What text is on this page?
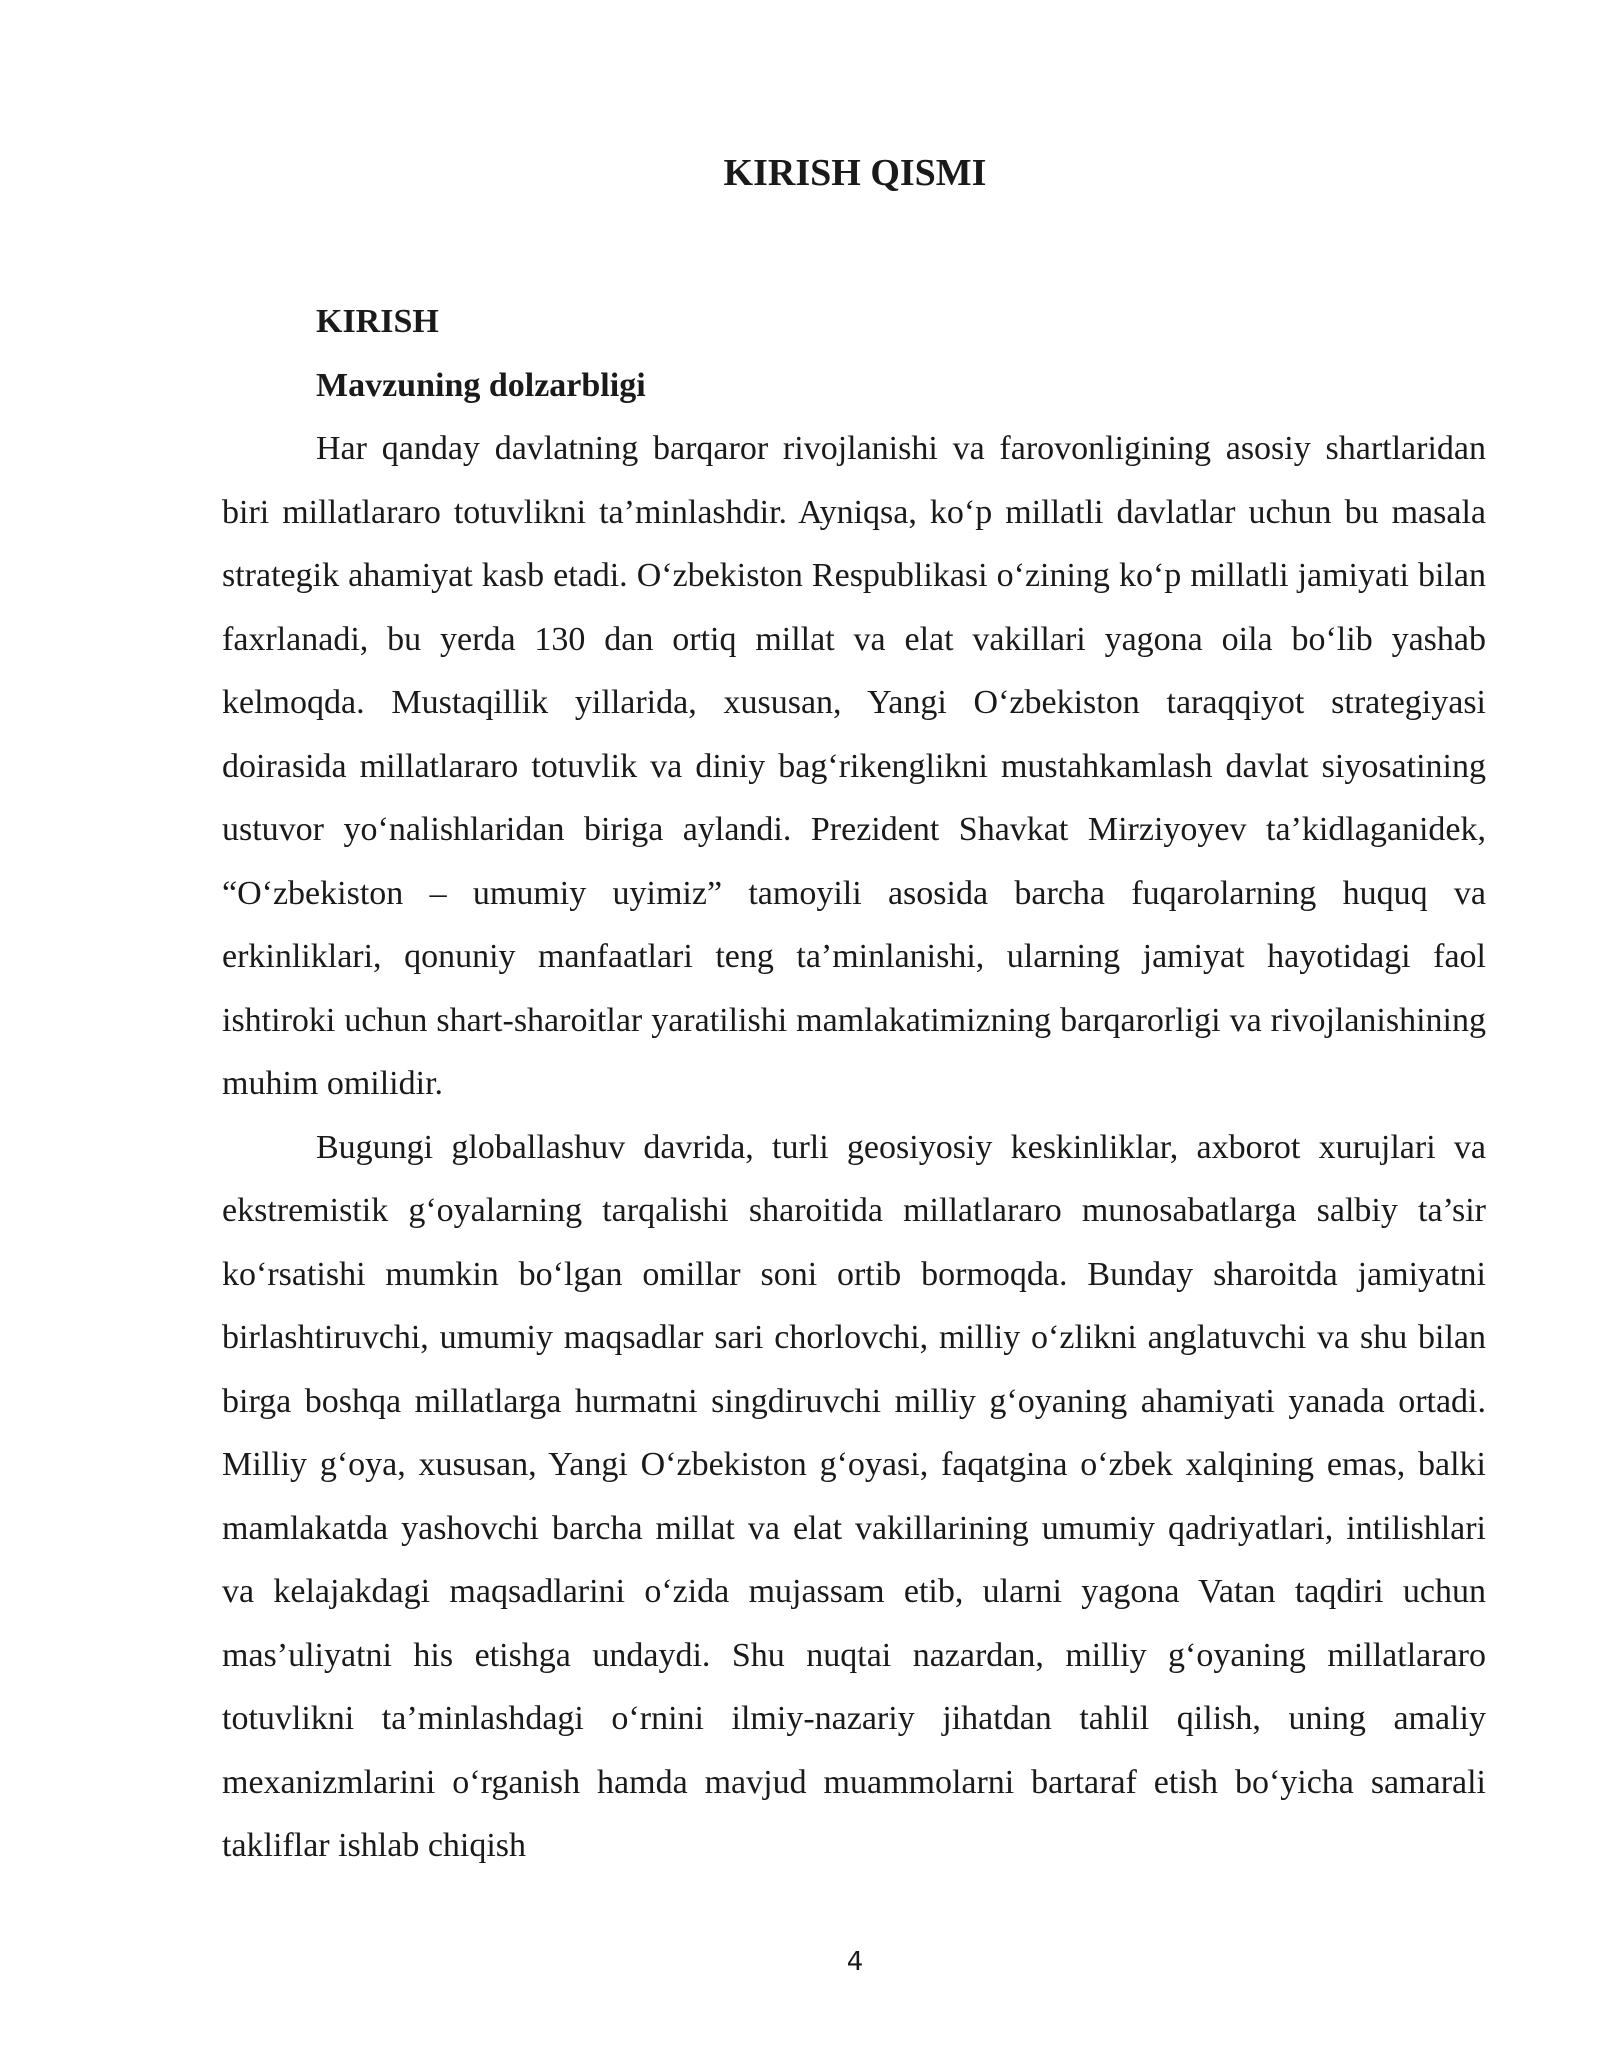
KIRISH QISMI

KIRISH

Mavzuning dolzarbligi

Har qanday davlatning barqaror rivojlanishi va farovonligining asosiy shartlaridan biri millatlararo totuvlikni ta’minlashdir. Ayniqsa, ko‘p millatli davlatlar uchun bu masala strategik ahamiyat kasb etadi. O‘zbekiston Respublikasi o‘zining ko‘p millatli jamiyati bilan faxrlanadi, bu yerda 130 dan ortiq millat va elat vakillari yagona oila bo‘lib yashab kelmoqda. Mustaqillik yillarida, xususan, Yangi O‘zbekiston taraqqiyot strategiyasi doirasida millatlararo totuvlik va diniy bag‘rikenglikni mustahkamlash davlat siyosatining ustuvor yo‘nalishlaridan biriga aylandi. Prezident Shavkat Mirziyoyev ta’kidlaganidek, “O‘zbekiston – umumiy uyimiz” tamoyili asosida barcha fuqarolarning huquq va erkinliklari, qonuniy manfaatlari teng ta’minlanishi, ularning jamiyat hayotidagi faol ishtiroki uchun shart-sharoitlar yaratilishi mamlakatimizning barqarorligi va rivojlanishining muhim omilidir.

Bugungi globallashuv davrida, turli geosiyosiy keskinliklar, axborot xurujlari va ekstremistik g‘oyalarning tarqalishi sharoitida millatlararo munosabatlarga salbiy ta’sir ko‘rsatishi mumkin bo‘lgan omillar soni ortib bormoqda. Bunday sharoitda jamiyatni birlashtiruvchi, umumiy maqsadlar sari chorlovchi, milliy o‘zlikni anglatuvchi va shu bilan birga boshqa millatlarga hurmatni singdiruvchi milliy g‘oyaning ahamiyati yanada ortadi. Milliy g‘oya, xususan, Yangi O‘zbekiston g‘oyasi, faqatgina o‘zbek xalqining emas, balki mamlakatda yashovchi barcha millat va elat vakillarining umumiy qadriyatlari, intilishlari va kelajakdagi maqsadlarini o‘zida mujassam etib, ularni yagona Vatan taqdiri uchun mas’uliyatni his etishga undaydi. Shu nuqtai nazardan, milliy g‘oyaning millatlararo totuvlikni ta’minlashdagi o‘rnini ilmiy-nazariy jihatdan tahlil qilish, uning amaliy mexanizmlarini o‘rganish hamda mavjud muammolarni bartaraf etish bo‘yicha samarali takliflar ishlab chiqish

4
